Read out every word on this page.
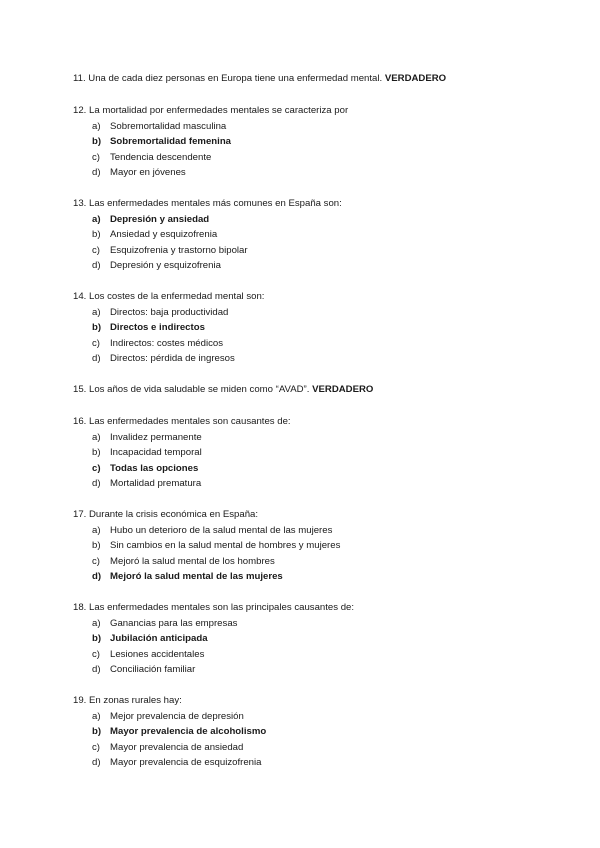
11. Una de cada diez personas en Europa tiene una enfermedad mental. VERDADERO
12. La mortalidad por enfermedades mentales se caracteriza por
a) Sobremortalidad masculina
b) Sobremortalidad femenina
c) Tendencia descendente
d) Mayor en jóvenes
13. Las enfermedades mentales más comunes en España son:
a) Depresión y ansiedad
b) Ansiedad y esquizofrenia
c) Esquizofrenia y trastorno bipolar
d) Depresión y esquizofrenia
14. Los costes de la enfermedad mental son:
a) Directos: baja productividad
b) Directos e indirectos
c) Indirectos: costes médicos
d) Directos: pérdida de ingresos
15. Los años de vida saludable se miden como “AVAD”. VERDADERO
16. Las enfermedades mentales son causantes de:
a) Invalidez permanente
b) Incapacidad temporal
c) Todas las opciones
d) Mortalidad prematura
17. Durante la crisis económica en España:
a) Hubo un deterioro de la salud mental de las mujeres
b) Sin cambios en la salud mental de hombres y mujeres
c) Mejoró la salud mental de los hombres
d) Mejoró la salud mental de las mujeres
18. Las enfermedades mentales son las principales causantes de:
a) Ganancias para las empresas
b) Jubilación anticipada
c) Lesiones accidentales
d) Conciliación familiar
19. En zonas rurales hay:
a) Mejor prevalencia de depresión
b) Mayor prevalencia de alcoholismo
c) Mayor prevalencia de ansiedad
d) Mayor prevalencia de esquizofrenia
